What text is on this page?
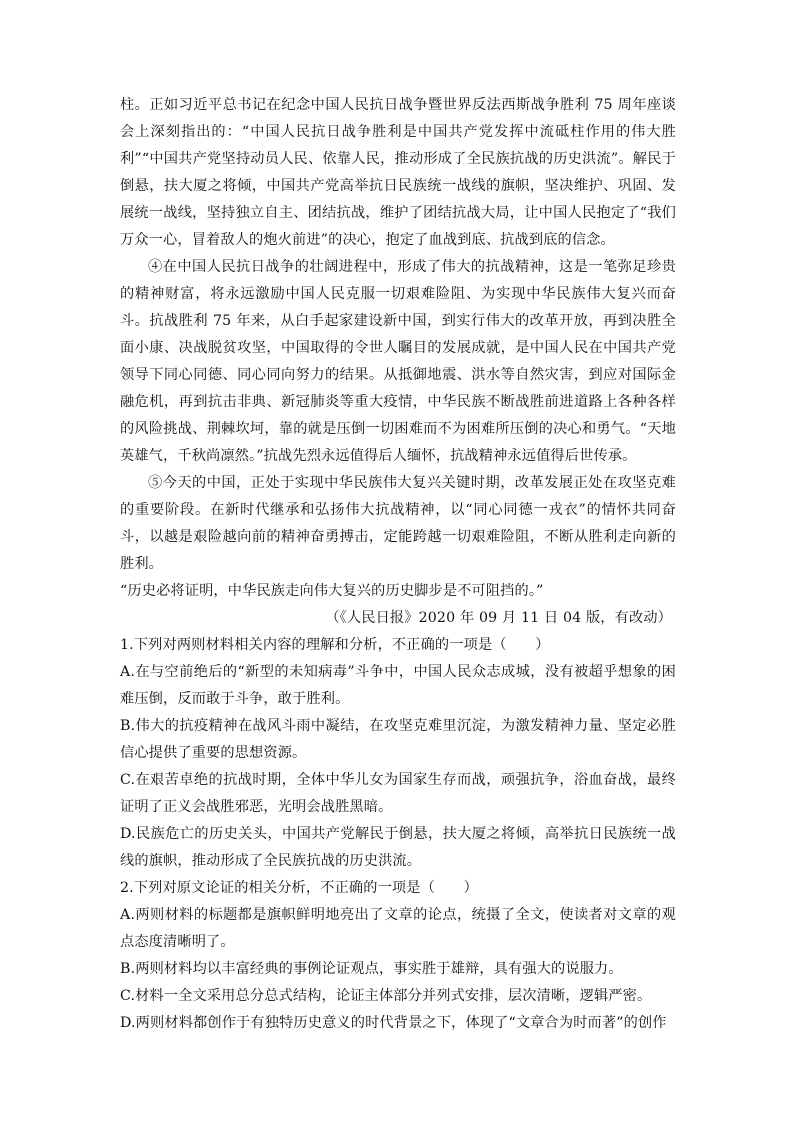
柱。正如习近平总书记在纪念中国人民抗日战争暨世界反法西斯战争胜利 75 周年座谈会上深刻指出的：“中国人民抗日战争胜利是中国共产党发挥中流砥柱作用的伟大胜利”“中国共产党坚持动员人民、依靠人民，推动形成了全民族抗战的历史洪流”。解民于倒悬，扶大厦之将倾，中国共产党高举抗日民族统一战线的旗帜，坚决维护、巩固、发展统一战线，坚持独立自主、团结抗战，维护了团结抗战大局，让中国人民抱定了“我们万众一心，冒着敌人的炮火前进”的决心，抱定了血战到底、抗战到底的信念。

④在中国人民抗日战争的壮阔进程中，形成了伟大的抗战精神，这是一笔弥足珍贵的精神财富，将永远激励中国人民克服一切艰难险阻、为实现中华民族伟大复兴而奋斗。抗战胜利 75 年来，从白手起家建设新中国，到实行伟大的改革开放，再到决胜全面小康、决战脱贫攻坚，中国取得的令世人瞩目的发展成就，是中国人民在中国共产党领导下同心同德、同心同向努力的结果。从抵御地震、洪水等自然灾害，到应对国际金融危机，再到抗击非典、新冠肺炎等重大疫情，中华民族不断战胜前进道路上各种各样的风险挑战、荆棘坎坷，靠的就是压倒一切困难而不为困难所压倒的决心和勇气。“天地英雄气，千秋尚凛然。”抗战先烈永远值得后人缅怀，抗战精神永远值得后世传承。

⑤今天的中国，正处于实现中华民族伟大复兴关键时期，改革发展正处在攻坚克难的重要阶段。在新时代继承和弘扬伟大抗战精神，以“同心同德一戎衣”的情怀共同奋斗，以越是艰险越向前的精神奋勇搏击，定能跨越一切艰难险阻，不断从胜利走向新的胜利。

“历史必将证明，中华民族走向伟大复兴的历史脚步是不可阻挡的。”

（《人民日报》2020 年 09 月 11 日 04 版，有改动）

1.下列对两则材料相关内容的理解和分析，不正确的一项是（　　）

A.在与空前绝后的“新型的未知病毒”斗争中，中国人民众志成城，没有被超乎想象的困难压倒，反而敢于斗争，敢于胜利。

B.伟大的抗疫精神在战风斗雨中凝结，在攻坚克难里沉淀，为激发精神力量、坚定必胜信心提供了重要的思想资源。

C.在艰苦卓绝的抗战时期，全体中华儿女为国家生存而战，顽强抗争，浴血奋战，最终证明了正义会战胜邪恶，光明会战胜黑暗。

D.民族危亡的历史关头，中国共产党解民于倒悬，扶大厦之将倾，高举抗日民族统一战线的旗帜，推动形成了全民族抗战的历史洪流。

2.下列对原文论证的相关分析，不正确的一项是（　　）

A.两则材料的标题都是旗帜鲜明地亮出了文章的论点，统摄了全文，使读者对文章的观点态度清晰明了。

B.两则材料均以丰富经典的事例论证观点，事实胜于雄辩，具有强大的说服力。

C.材料一全文采用总分总式结构，论证主体部分并列式安排，层次清晰，逻辑严密。

D.两则材料都创作于有独特历史意义的时代背景之下，体现了“文章合为时而著”的创作
